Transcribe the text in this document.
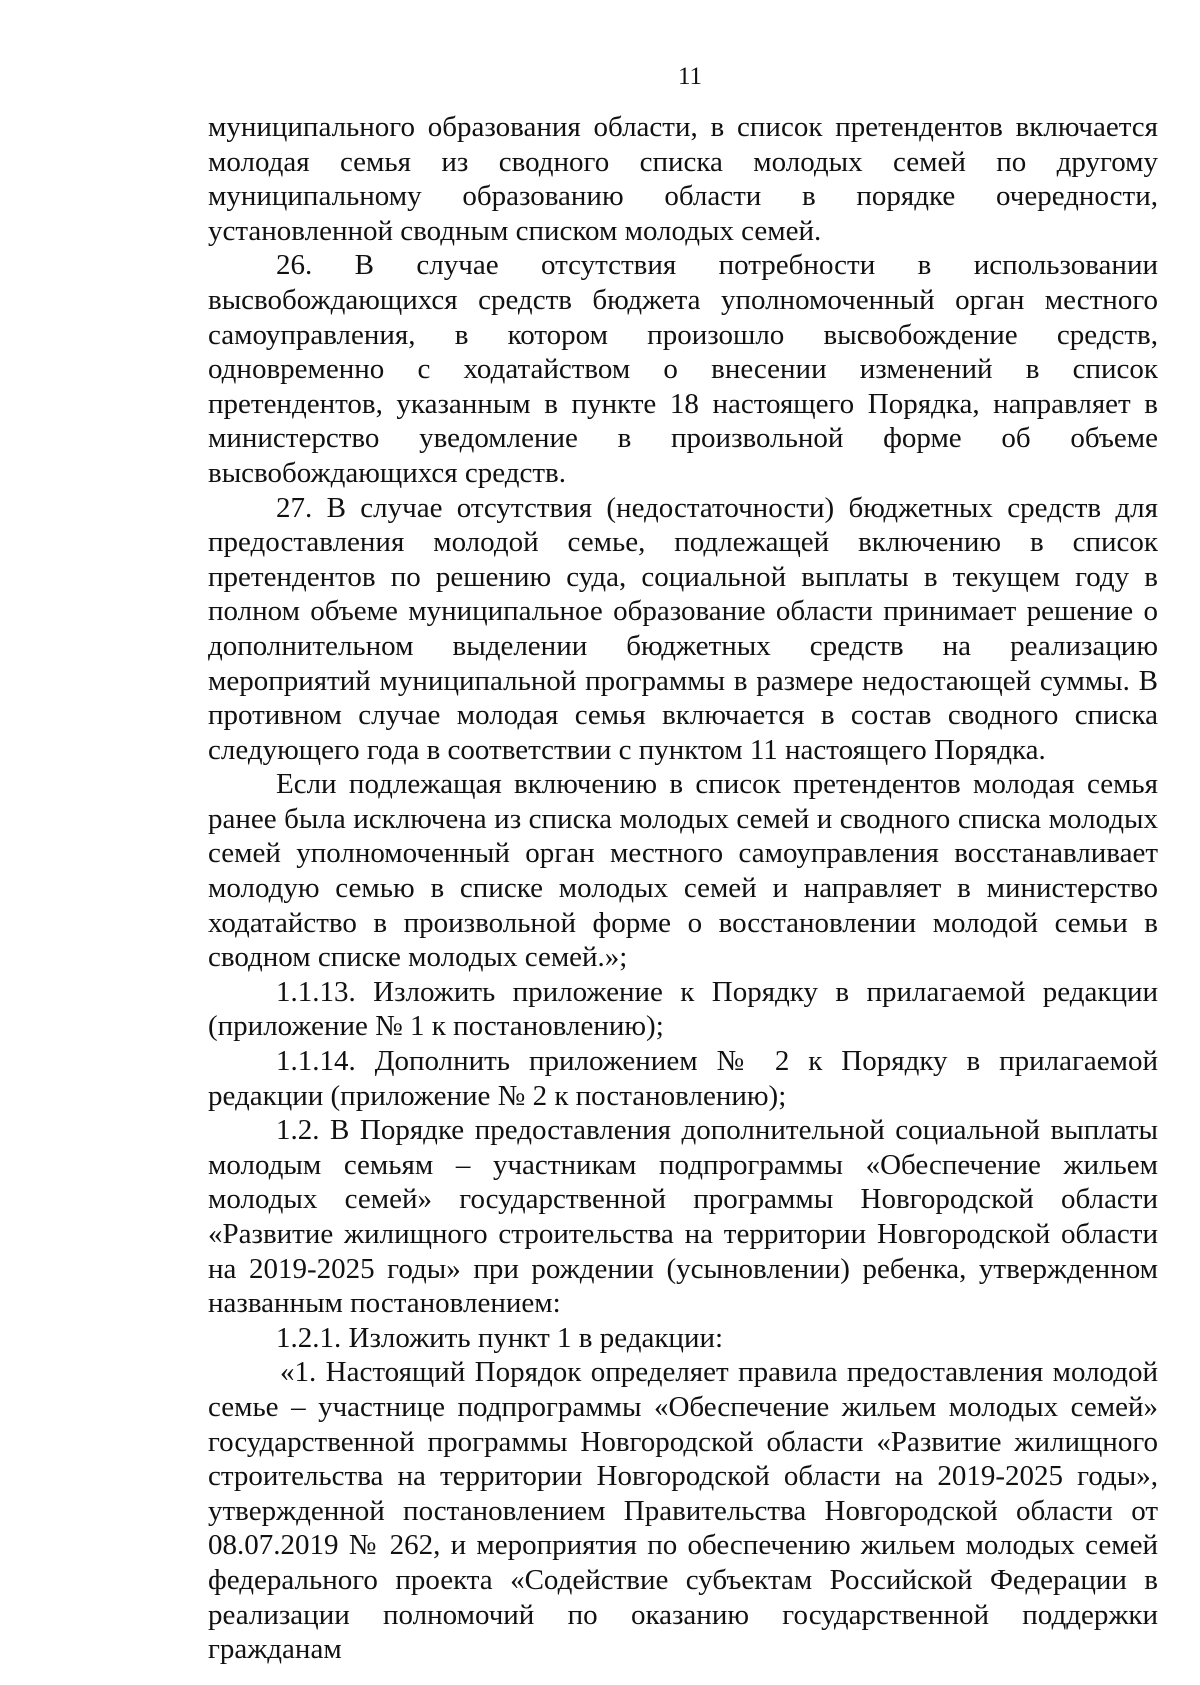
11

муниципального образования области, в список претендентов включается молодая семья из сводного списка молодых семей по другому муниципальному образованию области в порядке очередности, установленной сводным списком молодых семей.

26. В случае отсутствия потребности в использовании высвобождающихся средств бюджета уполномоченный орган местного самоуправления, в котором произошло высвобождение средств, одновременно с ходатайством о внесении изменений в список претендентов, указанным в пункте 18 настоящего Порядка, направляет в министерство уведомление в произвольной форме об объеме высвобождающихся средств.

27. В случае отсутствия (недостаточности) бюджетных средств для предоставления молодой семье, подлежащей включению в список претендентов по решению суда, социальной выплаты в текущем году в полном объеме муниципальное образование области принимает решение о дополнительном выделении бюджетных средств на реализацию мероприятий муниципальной программы в размере недостающей суммы. В противном случае молодая семья включается в состав сводного списка следующего года в соответствии с пунктом 11 настоящего Порядка.

Если подлежащая включению в список претендентов молодая семья ранее была исключена из списка молодых семей и сводного списка молодых семей уполномоченный орган местного самоуправления восстанавливает молодую семью в списке молодых семей и направляет в министерство ходатайство в произвольной форме о восстановлении молодой семьи в сводном списке молодых семей.»;

1.1.13. Изложить приложение к Порядку в прилагаемой редакции (приложение № 1 к постановлению);

1.1.14. Дополнить приложением № 2 к Порядку в прилагаемой редакции (приложение № 2 к постановлению);

1.2. В Порядке предоставления дополнительной социальной выплаты молодым семьям – участникам подпрограммы «Обеспечение жильем молодых семей» государственной программы Новгородской области «Развитие жилищного строительства на территории Новгородской области на 2019-2025 годы» при рождении (усыновлении) ребенка, утвержденном названным постановлением:

1.2.1. Изложить пункт 1 в редакции:

«1. Настоящий Порядок определяет правила предоставления молодой семье – участнице подпрограммы «Обеспечение жильем молодых семей» государственной программы Новгородской области «Развитие жилищного строительства на территории Новгородской области на 2019-2025 годы», утвержденной постановлением Правительства Новгородской области от 08.07.2019 № 262, и мероприятия по обеспечению жильем молодых семей федерального проекта «Содействие субъектам Российской Федерации в реализации полномочий по оказанию государственной поддержки гражданам
